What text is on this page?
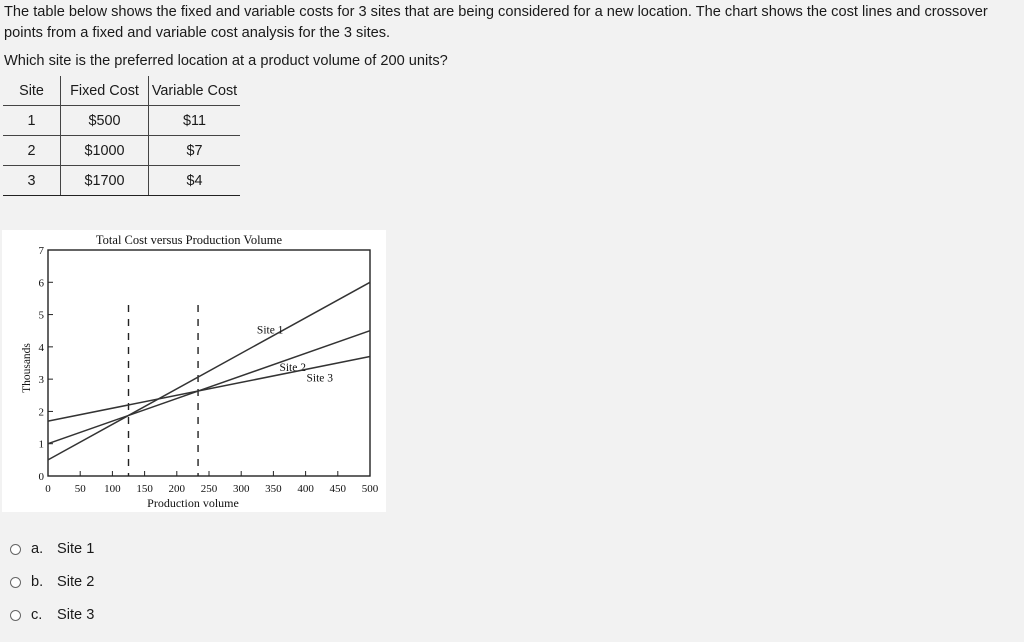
The table below shows the fixed and variable costs for 3 sites that are being considered for a new location. The chart shows the cost lines and crossover points from a fixed and variable cost analysis for the 3 sites.
Which site is the preferred location at a product volume of 200 units?
Site	Fixed Cost	Variable Cost
1	$500	$11
2	$1000	$7
3	$1700	$4
Total Cost versus Production Volume
0
1
2
3
4
5
6
7
0 50 100 150 200 250 300 350 400 450 500
Production volume
Thousands
Site 1
Site 2
Site 3
a. Site 1
b. Site 2
c.	Site 3
